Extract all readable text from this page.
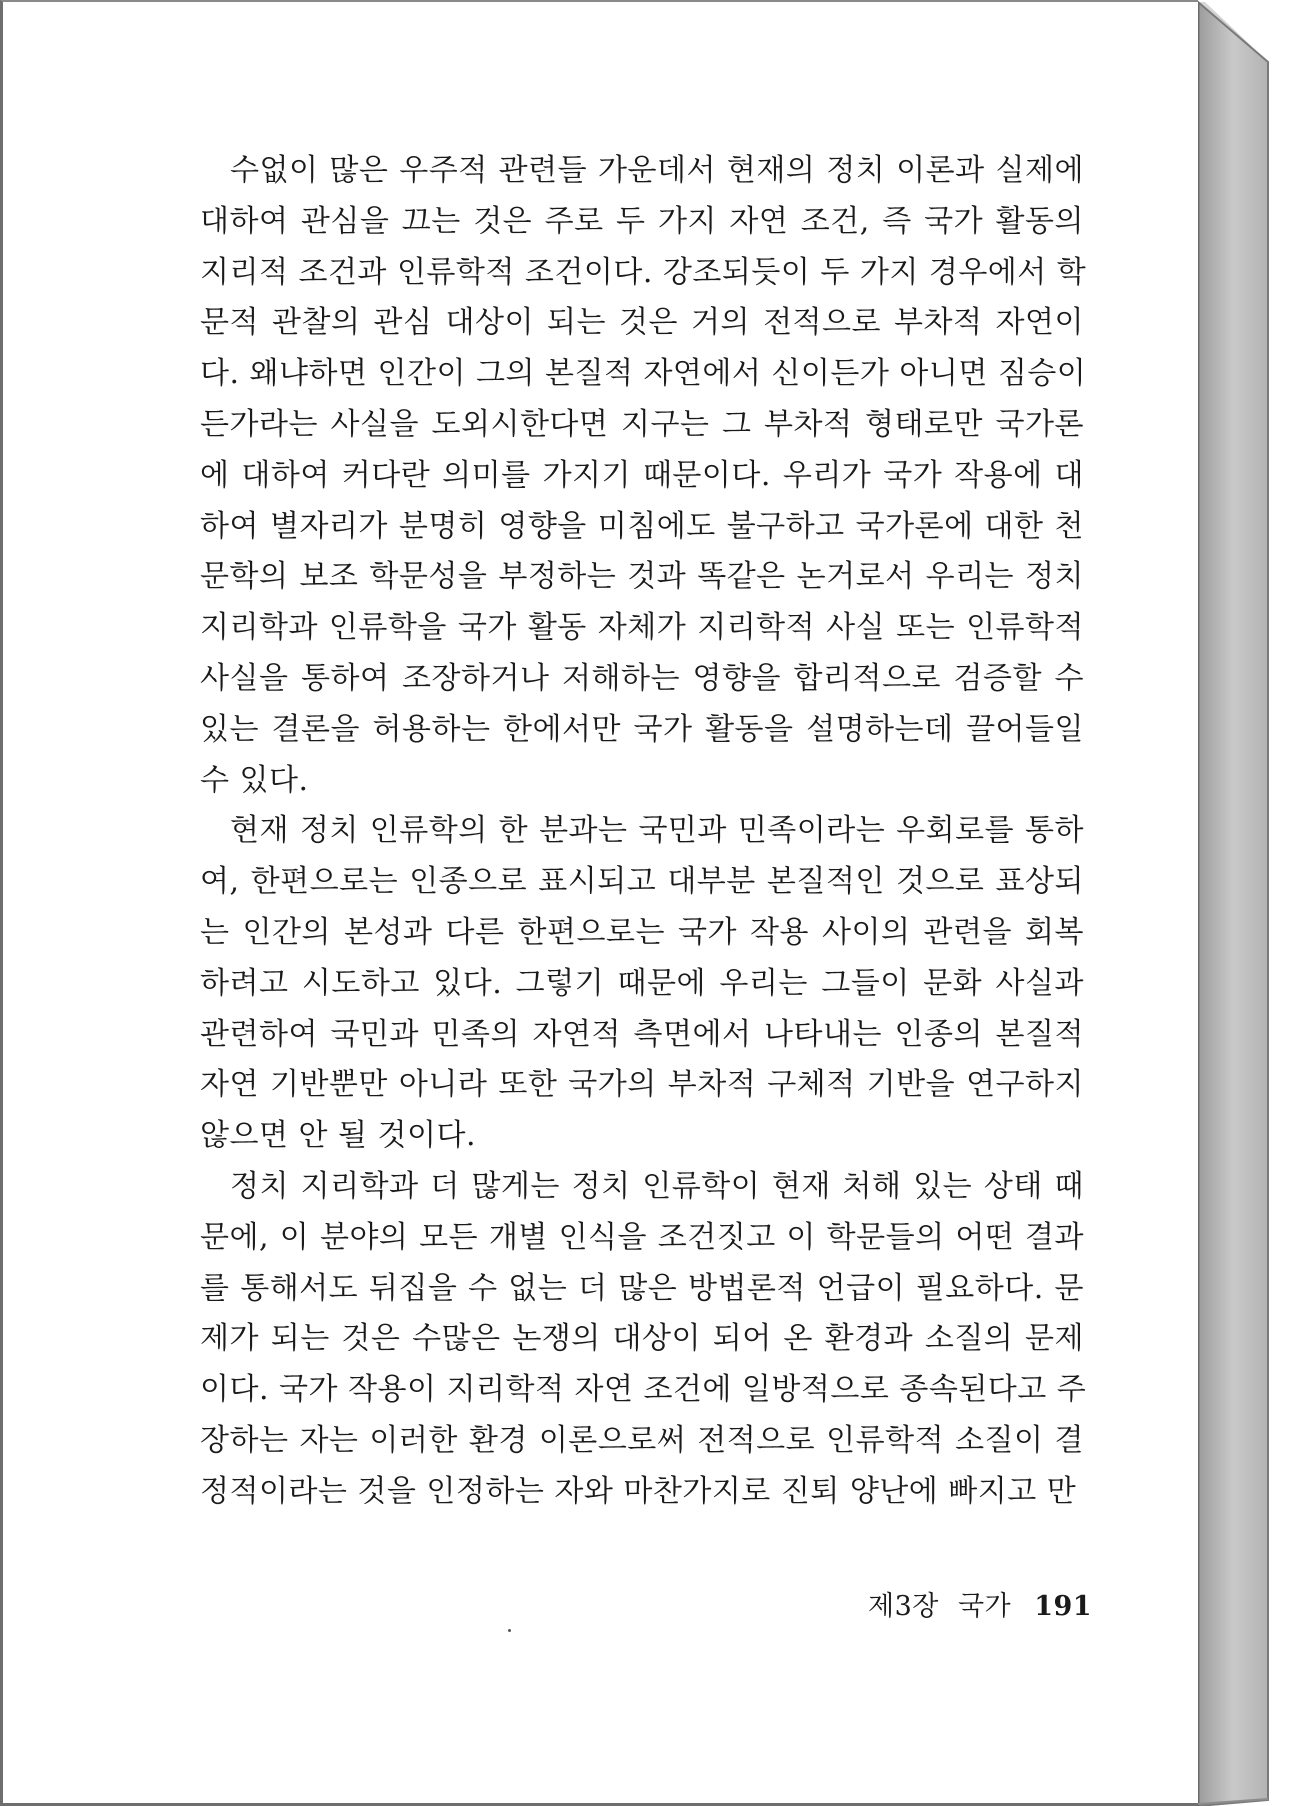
수없이 많은 우주적 관련들 가운데서 현재의 정치 이론과 실제에
대하여 관심을 끄는 것은 주로 두 가지 자연 조건, 즉 국가 활동의
지리적 조건과 인류학적 조건이다. 강조되듯이 두 가지 경우에서 학
문적 관찰의 관심 대상이 되는 것은 거의 전적으로 부차적 자연이
다. 왜냐하면 인간이 그의 본질적 자연에서 신이든가 아니면 짐승이
든가라는 사실을 도외시한다면 지구는 그 부차적 형태로만 국가론
에 대하여 커다란 의미를 가지기 때문이다. 우리가 국가 작용에 대
하여 별자리가 분명히 영향을 미침에도 불구하고 국가론에 대한 천
문학의 보조 학문성을 부정하는 것과 똑같은 논거로서 우리는 정치
지리학과 인류학을 국가 활동 자체가 지리학적 사실 또는 인류학적
사실을 통하여 조장하거나 저해하는 영향을 합리적으로 검증할 수
있는 결론을 허용하는 한에서만 국가 활동을 설명하는데 끌어들일
수 있다.
현재 정치 인류학의 한 분과는 국민과 민족이라는 우회로를 통하
여, 한편으로는 인종으로 표시되고 대부분 본질적인 것으로 표상되
는 인간의 본성과 다른 한편으로는 국가 작용 사이의 관련을 회복
하려고 시도하고 있다. 그렇기 때문에 우리는 그들이 문화 사실과
관련하여 국민과 민족의 자연적 측면에서 나타내는 인종의 본질적
자연 기반뿐만 아니라 또한 국가의 부차적 구체적 기반을 연구하지
않으면 안 될 것이다.
정치 지리학과 더 많게는 정치 인류학이 현재 처해 있는 상태 때
문에, 이 분야의 모든 개별 인식을 조건짓고 이 학문들의 어떤 결과
를 통해서도 뒤집을 수 없는 더 많은 방법론적 언급이 필요하다. 문
제가 되는 것은 수많은 논쟁의 대상이 되어 온 환경과 소질의 문제
이다. 국가 작용이 지리학적 자연 조건에 일방적으로 종속된다고 주
장하는 자는 이러한 환경 이론으로써 전적으로 인류학적 소질이 결
정적이라는 것을 인정하는 자와 마찬가지로 진퇴 양난에 빠지고 만
제3장 국가 191
